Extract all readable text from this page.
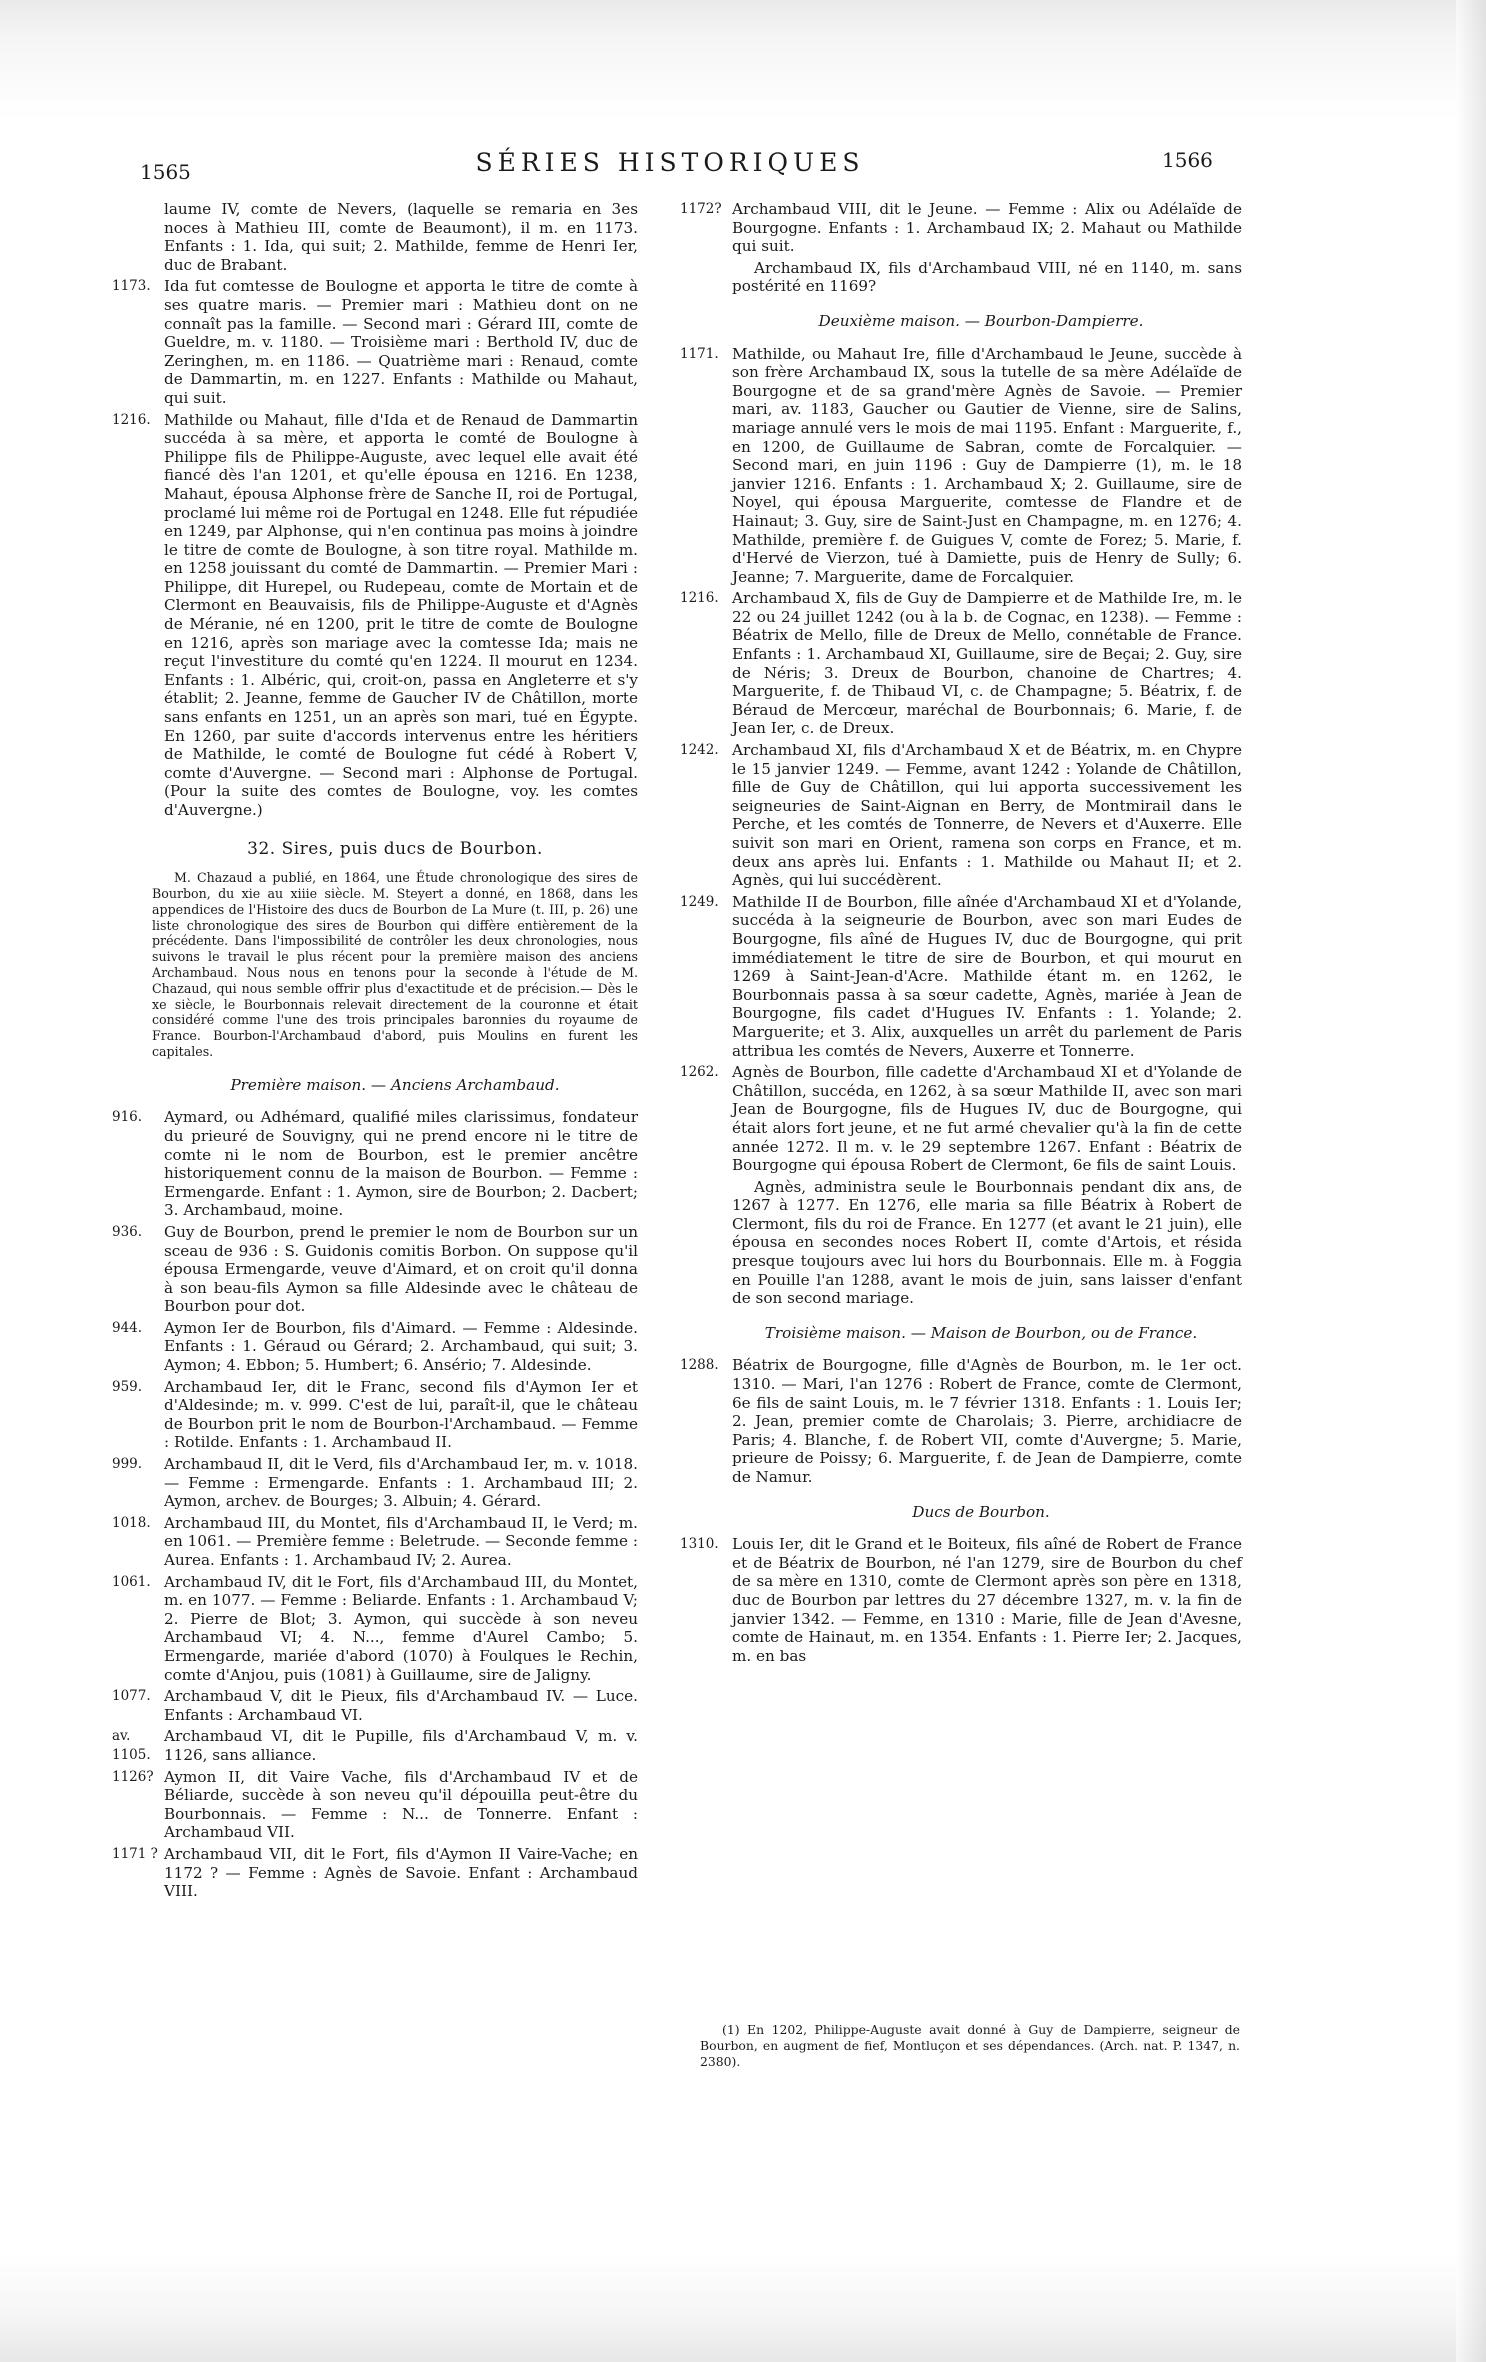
1565	SÉRIES HISTORIQUES	1566
laume IV, comte de Nevers, (laquelle se remaria en 3es noces à Mathieu III, comte de Beaumont), il m. en 1173. Enfants : 1. Ida, qui suit; 2. Mathilde, femme de Henri Ier, duc de Brabant.
1173. Ida fut comtesse de Boulogne et apporta le titre de comte à ses quatre maris. — Premier mari : Mathieu dont on ne connaît pas la famille. — Second mari : Gérard III, comte de Gueldre, m. v. 1180. — Troisième mari : Berthold IV, duc de Zeringhen, m. en 1186. — Quatrième mari : Renaud, comte de Dammartin, m. en 1227. Enfants : Mathilde ou Mahaut, qui suit.
1216. Mathilde ou Mahaut, fille d'Ida et de Renaud de Dammartin succéda à sa mère, et apporta le comté de Boulogne à Philippe fils de Philippe-Auguste, avec lequel elle avait été fiancé dès l'an 1201, et qu'elle épousa en 1216. En 1238, Mahaut, épousa Alphonse frère de Sanche II, roi de Portugal, proclamé lui même roi de Portugal en 1248. Elle fut répudiée en 1249, par Alphonse, qui n'en continua pas moins à joindre le titre de comte de Boulogne, à son titre royal. Mathilde m. en 1258 jouissant du comté de Dammartin. — Premier Mari : Philippe, dit Hurepel, ou Rudepeau, comte de Mortain et de Clermont en Beauvaisis, fils de Philippe-Auguste et d'Agnès de Méranie, né en 1200, prit le titre de comte de Boulogne en 1216, après son mariage avec la comtesse Ida; mais ne reçut l'investiture du comté qu'en 1224. Il mourut en 1234. Enfants : 1. Albéric, qui, croit-on, passa en Angleterre et s'y établit; 2. Jeanne, femme de Gaucher IV de Châtillon, morte sans enfants en 1251, un an après son mari, tué en Égypte. En 1260, par suite d'accords intervenus entre les héritiers de Mathilde, le comté de Boulogne fut cédé à Robert V, comte d'Auvergne. — Second mari : Alphonse de Portugal. (Pour la suite des comtes de Boulogne, voy. les comtes d'Auvergne.)
32. Sires, puis ducs de Bourbon.
M. Chazaud a publié, en 1864, une Étude chronologique des sires de Bourbon, du xie au xiiie siècle. M. Steyert a donné, en 1868, dans les appendices de l'Histoire des ducs de Bourbon de La Mure (t. III, p. 26) une liste chronologique des sires de Bourbon qui diffère entièrement de la précédente. Dans l'impossibilité de contrôler les deux chronologies, nous suivons le travail le plus récent pour la première maison des anciens Archambaud. Nous nous en tenons pour la seconde à l'étude de M. Chazaud, qui nous semble offrir plus d'exactitude et de précision.— Dès le xe siècle, le Bourbonnais relevait directement de la couronne et était considéré comme l'une des trois principales baronnies du royaume de France. Bourbon-l'Archambaud d'abord, puis Moulins en furent les capitales.
Première maison. — Anciens Archambaud.
916.	Aymard, ou Adhémard, qualifié miles clarissimus, fondateur du prieuré de Souvigny, qui ne prend encore ni le titre de comte ni le nom de Bourbon, est le premier ancêtre historiquement connu de la maison de Bourbon. — Femme : Ermengarde. Enfant : 1. Aymon, sire de Bourbon; 2. Dacbert; 3. Archambaud, moine.
936.	Guy de Bourbon, prend le premier le nom de Bourbon sur un sceau de 936 : S. Guidonis comitis Borbon. On suppose qu'il épousa Ermengarde, veuve d'Aimard, et on croit qu'il donna à son beau-fils Aymon sa fille Aldesinde avec le château de Bourbon pour dot.
944.	Aymon Ier de Bourbon, fils d'Aimard. — Femme : Aldesinde. Enfants : 1. Géraud ou Gérard; 2. Archambaud, qui suit; 3. Aymon; 4. Ebbon; 5. Humbert; 6. Ansério; 7. Aldesinde.
959.	Archambaud Ier, dit le Franc, second fils d'Aymon Ier et d'Aldesinde; m. v. 999. C'est de lui, paraît-il, que le château de Bourbon prit le nom de Bourbon-l'Archambaud. — Femme : Rotilde. Enfants : 1. Archambaud II.
999.	Archambaud II, dit le Verd, fils d'Archambaud Ier, m. v. 1018. — Femme : Ermengarde. Enfants : 1. Archambaud III; 2. Aymon, archev. de Bourges; 3. Albuin; 4. Gérard.
1018. Archambaud III, du Montet, fils d'Archambaud II, le Verd; m. en 1061. — Première femme : Beletrude. — Seconde femme : Aurea. Enfants : 1. Archambaud IV; 2. Aurea.
1061. Archambaud IV, dit le Fort, fils d'Archambaud III, du Montet, m. en 1077. — Femme : Beliarde. Enfants : 1. Archambaud V; 2. Pierre de Blot; 3. Aymon, qui succède à son neveu Archambaud VI; 4. N..., femme d'Aurel Cambo; 5. Ermengarde, mariée d'abord (1070) à Foulques le Rechin, comte d'Anjou, puis (1081) à Guillaume, sire de Jaligny.
1077. Archambaud V, dit le Pieux, fils d'Archambaud IV. — Luce. Enfants : Archambaud VI.
av. 1105.
Archambaud VI, dit le Pupille, fils d'Archambaud V, m. v. 1126, sans alliance.
1126? Aymon II, dit Vaire Vache, fils d'Archambaud IV et de Béliarde, succède à son neveu qu'il dépouilla peut-être du Bourbonnais. — Femme : N... de Tonnerre. Enfant : Archambaud VII.
1171 ? Archambaud VII, dit le Fort, fils d'Aymon II Vaire-Vache; en 1172 ? — Femme : Agnès de Savoie. Enfant : Archambaud VIII.
1172? Archambaud VIII, dit le Jeune. — Femme : Alix ou Adélaïde de Bourgogne. Enfants : 1. Archambaud IX; 2. Mahaut ou Mathilde qui suit.
Archambaud IX, fils d'Archambaud VIII, né en 1140, m. sans postérité en 1169?
Deuxième maison. — Bourbon-Dampierre.
1171. Mathilde, ou Mahaut Ire, fille d'Archambaud le Jeune, succède à son frère Archambaud IX, sous la tutelle de sa mère Adélaïde de Bourgogne et de sa grand'mère Agnès de Savoie. — Premier mari, av. 1183, Gaucher ou Gautier de Vienne, sire de Salins, mariage annulé vers le mois de mai 1195. Enfant : Marguerite, f., en 1200, de Guillaume de Sabran, comte de Forcalquier. — Second mari, en juin 1196 : Guy de Dampierre (1), m. le 18 janvier 1216. Enfants : 1. Archambaud X; 2. Guillaume, sire de Noyel, qui épousa Marguerite, comtesse de Flandre et de Hainaut; 3. Guy, sire de Saint-Just en Champagne, m. en 1276; 4. Mathilde, première f. de Guigues V, comte de Forez; 5. Marie, f. d'Hervé de Vierzon, tué à Damiette, puis de Henry de Sully; 6. Jeanne; 7. Marguerite, dame de Forcalquier.
1216. Archambaud X, fils de Guy de Dampierre et de Mathilde Ire, m. le 22 ou 24 juillet 1242 (ou à la b. de Cognac, en 1238). — Femme : Béatrix de Mello, fille de Dreux de Mello, connétable de France. Enfants : 1. Archambaud XI, Guillaume, sire de Beçai; 2. Guy, sire de Néris; 3. Dreux de Bourbon, chanoine de Chartres; 4. Marguerite, f. de Thibaud VI, c. de Champagne; 5. Béatrix, f. de Béraud de Mercœur, maréchal de Bourbonnais; 6. Marie, f. de Jean Ier, c. de Dreux.
1242. Archambaud XI, fils d'Archambaud X et de Béatrix, m. en Chypre le 15 janvier 1249. — Femme, avant 1242 : Yolande de Châtillon, fille de Guy de Châtillon, qui lui apporta successivement les seigneuries de Saint-Aignan en Berry, de Montmirail dans le Perche, et les comtés de Tonnerre, de Nevers et d'Auxerre. Elle suivit son mari en Orient, ramena son corps en France, et m. deux ans après lui. Enfants : 1. Mathilde ou Mahaut II; et 2. Agnès, qui lui succédèrent.
1249. Mathilde II de Bourbon, fille aînée d'Archambaud XI et d'Yolande, succéda à la seigneurie de Bourbon, avec son mari Eudes de Bourgogne, fils aîné de Hugues IV, duc de Bourgogne, qui prit immédiatement le titre de sire de Bourbon, et qui mourut en 1269 à Saint-Jean-d'Acre. Mathilde étant m. en 1262, le Bourbonnais passa à sa sœur cadette, Agnès, mariée à Jean de Bourgogne, fils cadet d'Hugues IV. Enfants : 1. Yolande; 2. Marguerite; et 3. Alix, auxquelles un arrêt du parlement de Paris attribua les comtés de Nevers, Auxerre et Tonnerre.
1262. Agnès de Bourbon, fille cadette d'Archambaud XI et d'Yolande de Châtillon, succéda, en 1262, à sa sœur Mathilde II, avec son mari Jean de Bourgogne, fils de Hugues IV, duc de Bourgogne, qui était alors fort jeune, et ne fut armé chevalier qu'à la fin de cette année 1272. Il m. v. le 29 septembre 1267. Enfant : Béatrix de Bourgogne qui épousa Robert de Clermont, 6e fils de saint Louis.
Agnès, administra seule le Bourbonnais pendant dix ans, de 1267 à 1277. En 1276, elle maria sa fille Béatrix à Robert de Clermont, fils du roi de France. En 1277 (et avant le 21 juin), elle épousa en secondes noces Robert II, comte d'Artois, et résida presque toujours avec lui hors du Bourbonnais. Elle m. à Foggia en Pouille l'an 1288, avant le mois de juin, sans laisser d'enfant de son second mariage.
Troisième maison. — Maison de Bourbon, ou de France.
1288. Béatrix de Bourgogne, fille d'Agnès de Bourbon, m. le 1er oct. 1310. — Mari, l'an 1276 : Robert de France, comte de Clermont, 6e fils de saint Louis, m. le 7 février 1318. Enfants : 1. Louis Ier; 2. Jean, premier comte de Charolais; 3. Pierre, archidiacre de Paris; 4. Blanche, f. de Robert VII, comte d'Auvergne; 5. Marie, prieure de Poissy; 6. Marguerite, f. de Jean de Dampierre, comte de Namur.
Ducs de Bourbon.
1310. Louis Ier, dit le Grand et le Boiteux, fils aîné de Robert de France et de Béatrix de Bourbon, né l'an 1279, sire de Bourbon du chef de sa mère en 1310, comte de Clermont après son père en 1318, duc de Bourbon par lettres du 27 décembre 1327, m. v. la fin de janvier 1342. — Femme, en 1310 : Marie, fille de Jean d'Avesne, comte de Hainaut, m. en 1354. Enfants : 1. Pierre Ier; 2. Jacques, m. en bas
(1) En 1202, Philippe-Auguste avait donné à Guy de Dampierre, seigneur de Bourbon, en augment de fief, Montluçon et ses dépendances. (Arch. nat. P. 1347, n. 2380).
